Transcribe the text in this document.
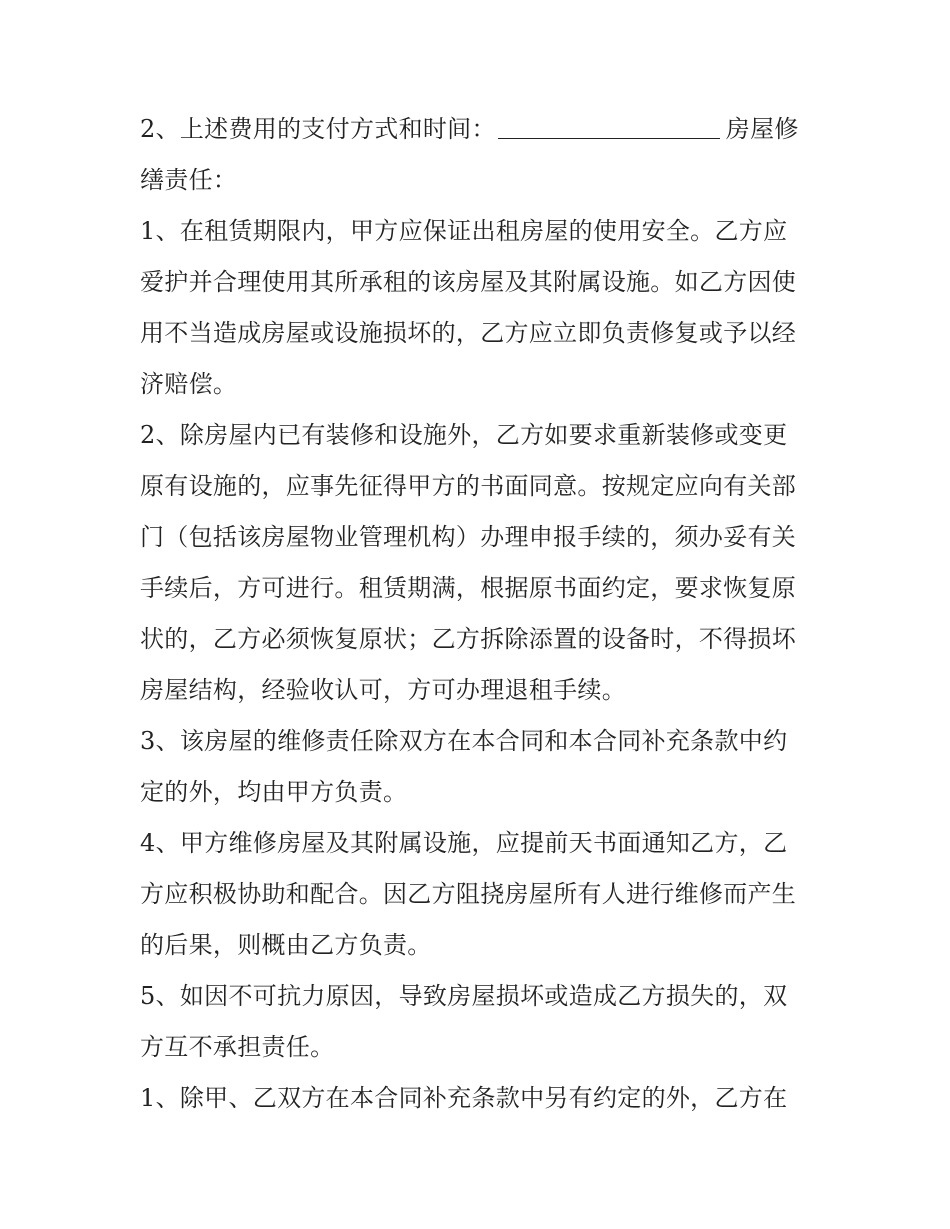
2、上述费用的支付方式和时间：	房屋修
缮责任：
1、在租赁期限内，甲方应保证出租房屋的使用安全。乙方应
爱护并合理使用其所承租的该房屋及其附属设施。如乙方因使
用不当造成房屋或设施损坏的，乙方应立即负责修复或予以经
济赔偿。
2、除房屋内已有装修和设施外，乙方如要求重新装修或变更
原有设施的，应事先征得甲方的书面同意。按规定应向有关部
门（包括该房屋物业管理机构）办理申报手续的，须办妥有关
手续后，方可进行。租赁期满，根据原书面约定，要求恢复原
状的，乙方必须恢复原状；乙方拆除添置的设备时，不得损坏
房屋结构，经验收认可，方可办理退租手续。
3、该房屋的维修责任除双方在本合同和本合同补充条款中约
定的外，均由甲方负责。
4、甲方维修房屋及其附属设施，应提前天书面通知乙方，乙
方应积极协助和配合。因乙方阻挠房屋所有人进行维修而产生
的后果，则概由乙方负责。
5、如因不可抗力原因，导致房屋损坏或造成乙方损失的，双
方互不承担责任。
1、除甲、乙双方在本合同补充条款中另有约定的外，乙方在
